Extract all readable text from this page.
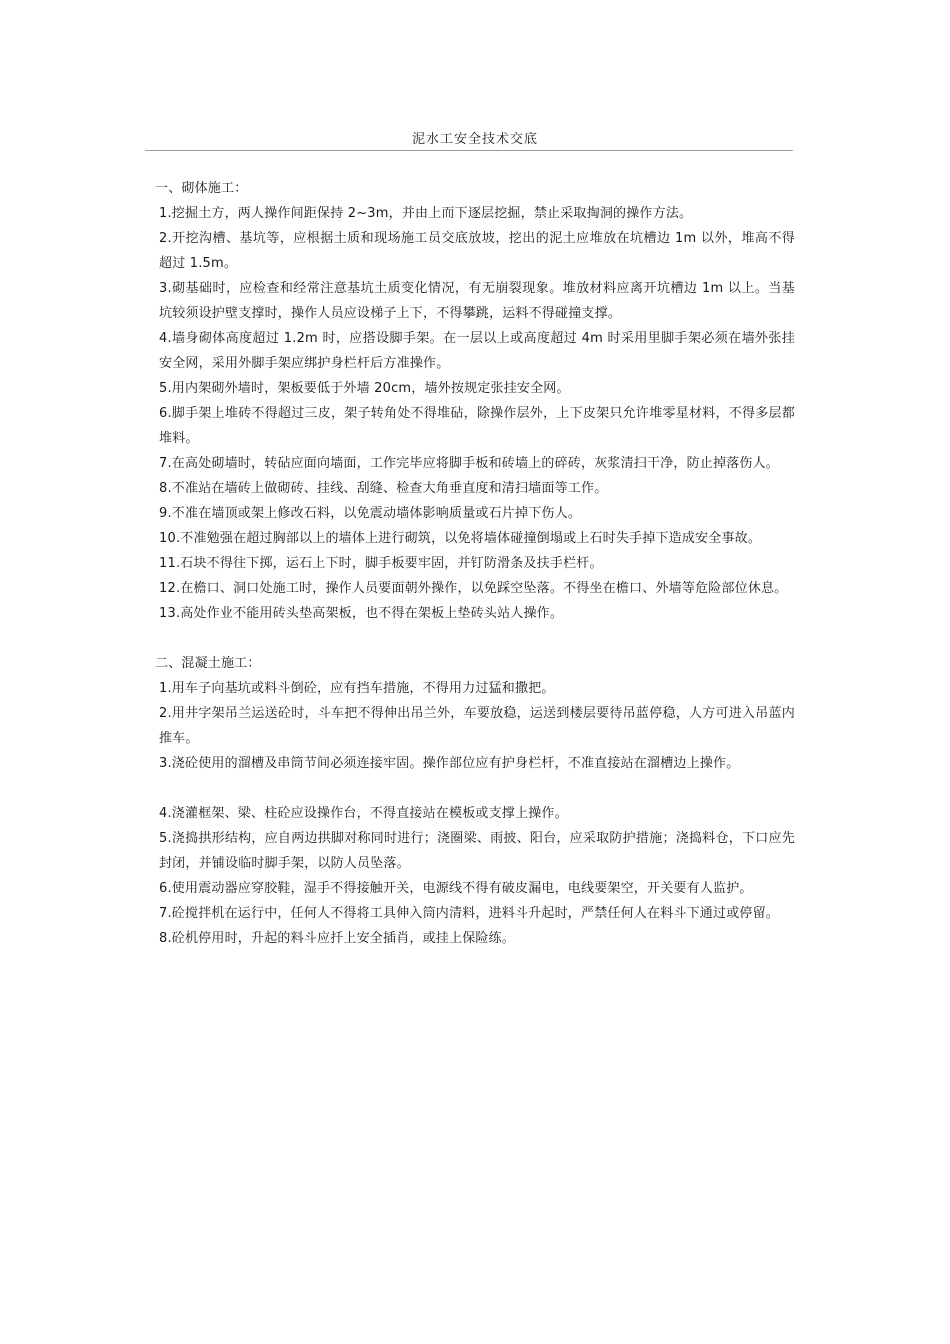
泥水工安全技术交底
一、砌体施工：

1.挖掘土方，两人操作间距保持 2~3m，并由上而下逐层挖掘，禁止采取掏洞的操作方法。

2.开挖沟槽、基坑等，应根据土质和现场施工员交底放坡，挖出的泥土应堆放在坑槽边 1m 以外，堆高不得超过 1.5m。

3.砌基础时，应检查和经常注意基坑土质变化情况，有无崩裂现象。堆放材料应离开坑槽边 1m 以上。当基坑较须设护壁支撑时，操作人员应设梯子上下，不得攀跳，运料不得碰撞支撑。

4.墙身砌体高度超过 1.2m 时，应搭设脚手架。在一层以上或高度超过 4m 时采用里脚手架必须在墙外张挂安全网，采用外脚手架应绑护身栏杆后方准操作。

5.用内架砌外墙时，架板要低于外墙 20cm，墙外按规定张挂安全网。

6.脚手架上堆砖不得超过三皮，架子转角处不得堆砧，除操作层外，上下皮架只允许堆零星材料，不得多层都堆料。

7.在高处砌墙时，转砧应面向墙面，工作完毕应将脚手板和砖墙上的碎砖，灰浆清扫干净，防止掉落伤人。

8.不准站在墙砖上做砌砖、挂线、刮缝、检查大角垂直度和清扫墙面等工作。

9.不准在墙顶或架上修改石料，以免震动墙体影响质量或石片掉下伤人。

10.不准勉强在超过胸部以上的墙体上进行砌筑，以免将墙体碰撞倒塌或上石时失手掉下造成安全事故。

11.石块不得往下掷，运石上下时，脚手板要牢固，并钉防滑条及扶手栏杆。

12.在檐口、洞口处施工时，操作人员要面朝外操作，以免踩空坠落。不得坐在檐口、外墙等危险部位休息。

13.高处作业不能用砖头垫高架板，也不得在架板上垫砖头站人操作。

二、混凝土施工：

1.用车子向基坑或料斗倒砼，应有挡车措施，不得用力过猛和撒把。

2.用井字架吊兰运送砼时，斗车把不得伸出吊兰外，车要放稳，运送到楼层要待吊蓝停稳，人方可进入吊蓝内推车。

3.浇砼使用的溜槽及串筒节间必须连接牢固。操作部位应有护身栏杆，不准直接站在溜槽边上操作。

4.浇灌框架、梁、柱砼应设操作台，不得直接站在模板或支撑上操作。

5.浇捣拱形结构，应自两边拱脚对称同时进行；浇圈梁、雨披、阳台，应采取防护措施；浇捣料仓，下口应先封闭，并铺设临时脚手架，以防人员坠落。

6.使用震动器应穿胶鞋，湿手不得接触开关，电源线不得有破皮漏电，电线要架空，开关要有人监护。

7.砼搅拌机在运行中，任何人不得将工具伸入筒内清料，进料斗升起时，严禁任何人在料斗下通过或停留。

8.砼机停用时，升起的料斗应扦上安全插肖，或挂上保险练。
